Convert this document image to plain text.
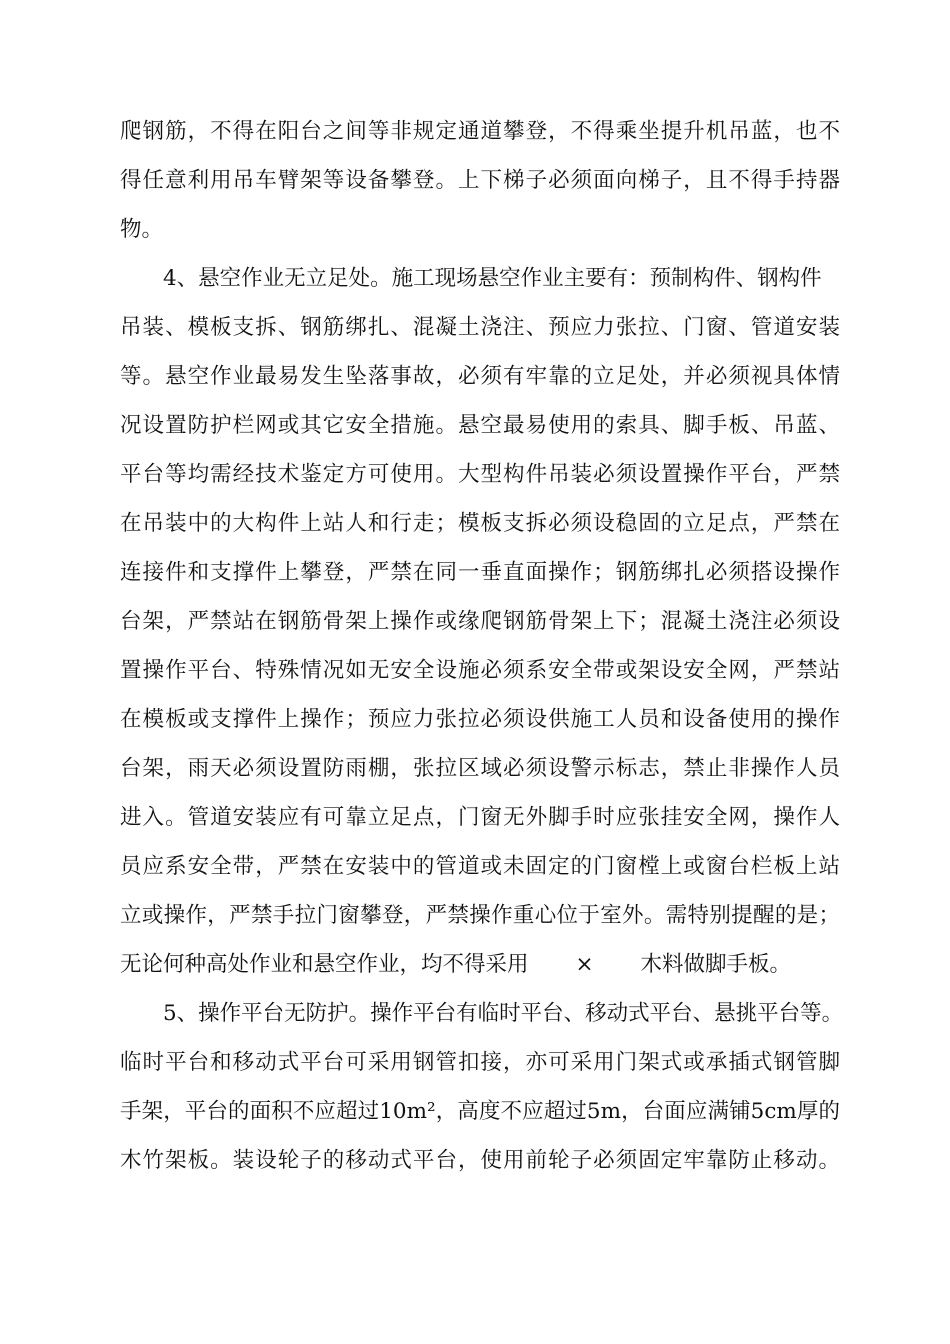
爬钢筋，不得在阳台之间等非规定通道攀登，不得乘坐提升机吊蓝，也不

得任意利用吊车臂架等设备攀登。上下梯子必须面向梯子，且不得手持器

物。

4、悬空作业无立足处。施工现场悬空作业主要有：预制构件、钢构件

吊装、模板支拆、钢筋绑扎、混凝土浇注、预应力张拉、门窗、管道安装

等。悬空作业最易发生坠落事故，必须有牢靠的立足处，并必须视具体情

况设置防护栏网或其它安全措施。悬空最易使用的索具、脚手板、吊蓝、

平台等均需经技术鉴定方可使用。大型构件吊装必须设置操作平台，严禁

在吊装中的大构件上站人和行走；模板支拆必须设稳固的立足点，严禁在

连接件和支撑件上攀登，严禁在同一垂直面操作；钢筋绑扎必须搭设操作

台架，严禁站在钢筋骨架上操作或缘爬钢筋骨架上下；混凝土浇注必须设

置操作平台、特殊情况如无安全设施必须系安全带或架设安全网，严禁站

在模板或支撑件上操作；预应力张拉必须设供施工人员和设备使用的操作

台架，雨天必须设置防雨棚，张拉区域必须设警示标志，禁止非操作人员

进入。管道安装应有可靠立足点，门窗无外脚手时应张挂安全网，操作人

员应系安全带，严禁在安装中的管道或未固定的门窗樘上或窗台栏板上站

立或操作，严禁手拉门窗攀登，严禁操作重心位于室外。需特别提醒的是；

无论何种高处作业和悬空作业，均不得采用 × 木料做脚手板。

5、操作平台无防护。操作平台有临时平台、移动式平台、悬挑平台等。

临时平台和移动式平台可采用钢管扣接，亦可采用门架式或承插式钢管脚

手架，平台的面积不应超过10m²，高度不应超过5m，台面应满铺5cm厚的

木竹架板。装设轮子的移动式平台，使用前轮子必须固定牢靠防止移动。
